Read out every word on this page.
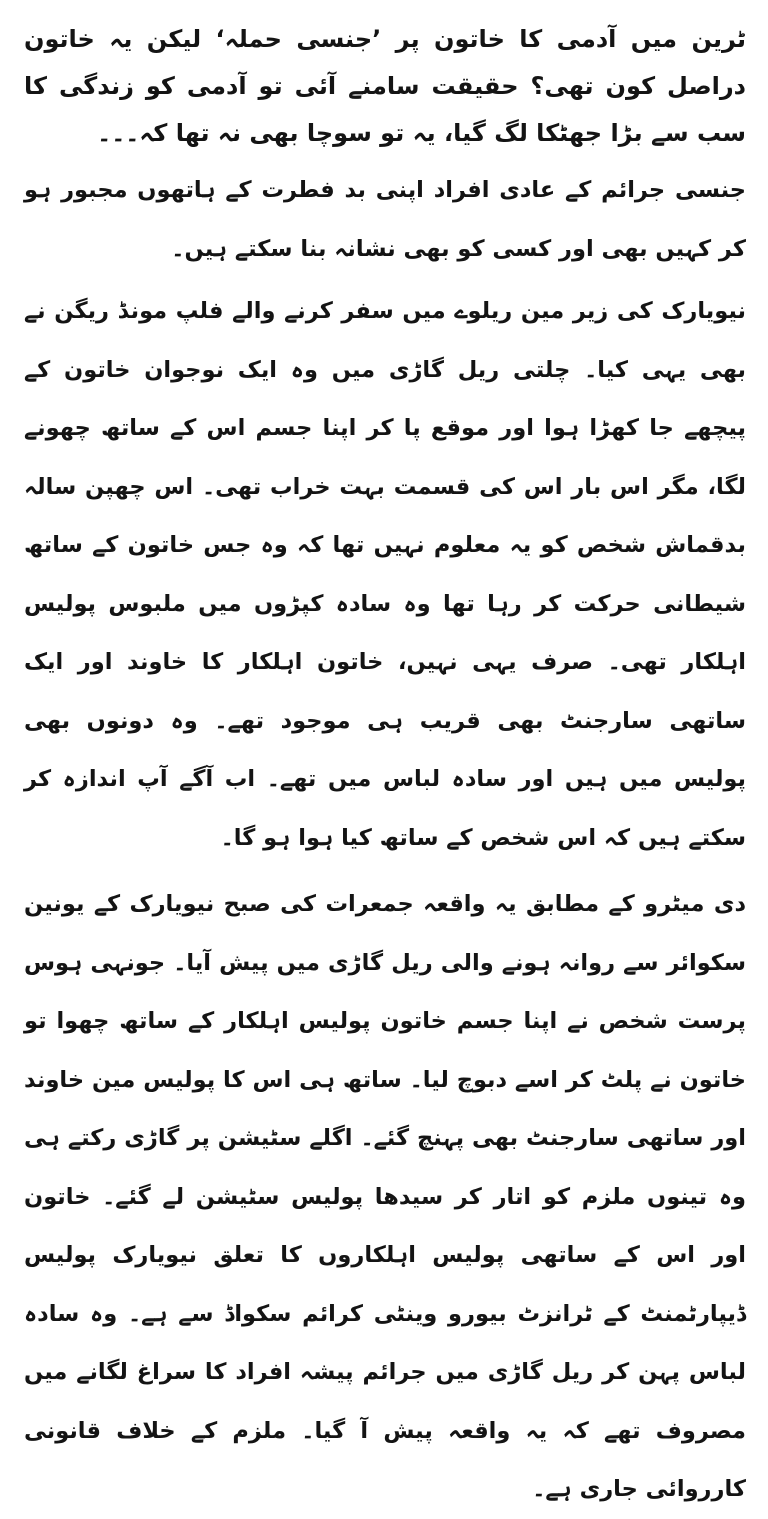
ٹرین میں آدمی کا خاتون پر ’جنسی حملہ‘ لیکن یہ خاتون دراصل کون تھی؟ حقیقت سامنے آئی تو آدمی کو زندگی کا سب سے بڑا جھٹکا لگ گیا، یہ تو سوچا بھی نہ تھا کہ۔۔۔

جنسی جرائم کے عادی افراد اپنی بد فطرت کے ہاتھوں مجبور ہو کر کہیں بھی اور کسی کو بھی نشانہ بنا سکتے ہیں۔

نیویارک کی زیر مین ریلوے میں سفر کرنے والے فلپ مونڈ ریگن نے بھی یہی کیا۔ چلتی ریل گاڑی میں وہ ایک نوجوان خاتون کے پیچھے جا کھڑا ہوا اور موقع پا کر اپنا جسم اس کے ساتھ چھونے لگا، مگر اس بار اس کی قسمت بہت خراب تھی۔ اس چھپن سالہ بدقماش شخص کو یہ معلوم نہیں تھا کہ وہ جس خاتون کے ساتھ شیطانی حرکت کر رہا تھا وہ سادہ کپڑوں میں ملبوس پولیس اہلکار تھی۔ صرف یہی نہیں، خاتون اہلکار کا خاوند اور ایک ساتھی سارجنٹ بھی قریب ہی موجود تھے۔ وہ دونوں بھی پولیس میں ہیں اور سادہ لباس میں تھے۔ اب آگے آپ اندازہ کر سکتے ہیں کہ اس شخص کے ساتھ کیا ہوا ہو گا۔

دی میٹرو کے مطابق یہ واقعہ جمعرات کی صبح نیویارک کے یونین سکوائر سے روانہ ہونے والی ریل گاڑی میں پیش آیا۔ جونہی ہوس پرست شخص نے اپنا جسم خاتون پولیس اہلکار کے ساتھ چھوا تو خاتون نے پلٹ کر اسے دبوچ لیا۔ ساتھ ہی اس کا پولیس مین خاوند اور ساتھی سارجنٹ بھی پہنچ گئے۔ اگلے سٹیشن پر گاڑی رکتے ہی وہ تینوں ملزم کو اتار کر سیدھا پولیس سٹیشن لے گئے۔ خاتون اور اس کے ساتھی پولیس اہلکاروں کا تعلق نیویارک پولیس ڈیپارٹمنٹ کے ٹرانزٹ بیورو وینٹی کرائم سکواڈ سے ہے۔ وہ سادہ لباس پہن کر ریل گاڑی میں جرائم پیشہ افراد کا سراغ لگانے میں مصروف تھے کہ یہ واقعہ پیش آ گیا۔ ملزم کے خلاف قانونی کارروائی جاری ہے۔
